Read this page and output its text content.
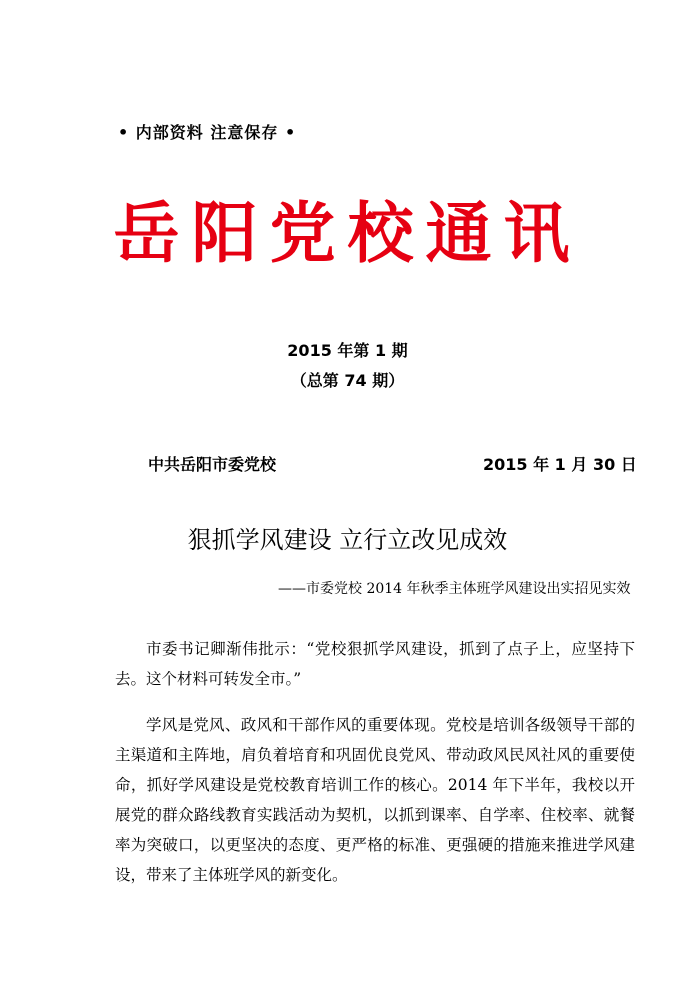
• 内部资料 注意保存 •
岳阳党校通讯
2015 年第 1 期
（总第 74 期）
中共岳阳市委党校	2015 年 1 月 30 日
狠抓学风建设 立行立改见成效
——市委党校 2014 年秋季主体班学风建设出实招见实效

市委书记卿渐伟批示：“党校狠抓学风建设，抓到了点子上，应坚持下去。这个材料可转发全市。”

学风是党风、政风和干部作风的重要体现。党校是培训各级领导干部的主渠道和主阵地，肩负着培育和巩固优良党风、带动政风民风社风的重要使命，抓好学风建设是党校教育培训工作的核心。2014 年下半年，我校以开展党的群众路线教育实践活动为契机，以抓到课率、自学率、住校率、就餐率为突破口，以更坚决的态度、更严格的标准、更强硬的措施来推进学风建设，带来了主体班学风的新变化。
